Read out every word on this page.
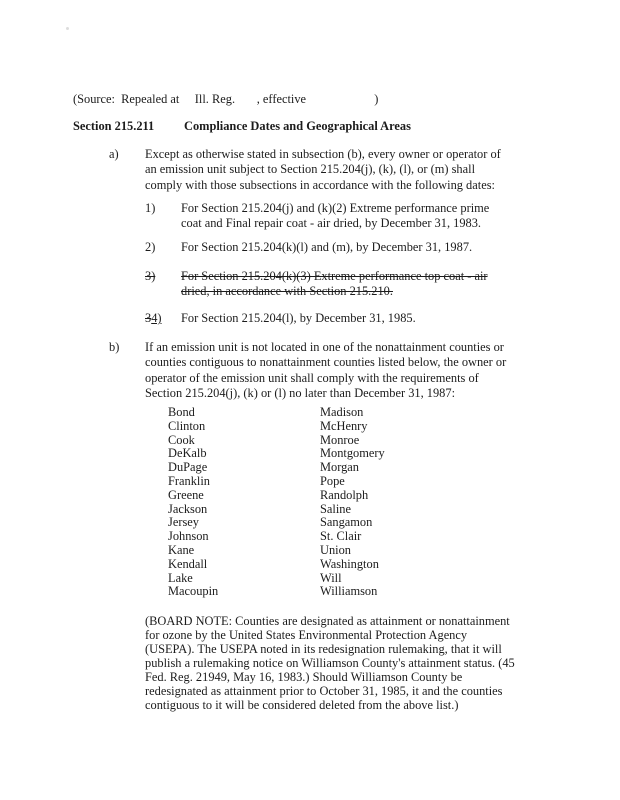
(Source:  Repealed at     Ill. Reg.       , effective                      )
Section 215.211 Compliance Dates and Geographical Areas
a) Except as otherwise stated in subsection (b), every owner or operator of an emission unit subject to Section 215.204(j), (k), (l), or (m) shall comply with those subsections in accordance with the following dates:
1) For Section 215.204(j) and (k)(2) Extreme performance prime coat and Final repair coat - air dried, by December 31, 1983.
2) For Section 215.204(k)(l) and (m), by December 31, 1987.
3) For Section 215.204(k)(3) Extreme performance top coat - air dried, in accordance with Section 215.210.
34) For Section 215.204(l), by December 31, 1985.
b) If an emission unit is not located in one of the nonattainment counties or counties contiguous to nonattainment counties listed below, the owner or operator of the emission unit shall comply with the requirements of Section 215.204(j), (k) or (l) no later than December 31, 1987:
Bond
Clinton
Cook
DeKalb
DuPage
Franklin
Greene
Jackson
Jersey
Johnson
Kane
Kendall
Lake
Macoupin
Madison
McHenry
Monroe
Montgomery
Morgan
Pope
Randolph
Saline
Sangamon
St. Clair
Union
Washington
Will
Williamson
(BOARD NOTE: Counties are designated as attainment or nonattainment for ozone by the United States Environmental Protection Agency (USEPA). The USEPA noted in its redesignation rulemaking, that it will publish a rulemaking notice on Williamson County's attainment status. (45 Fed. Reg. 21949, May 16, 1983.) Should Williamson County be redesignated as attainment prior to October 31, 1985, it and the counties contiguous to it will be considered deleted from the above list.)
